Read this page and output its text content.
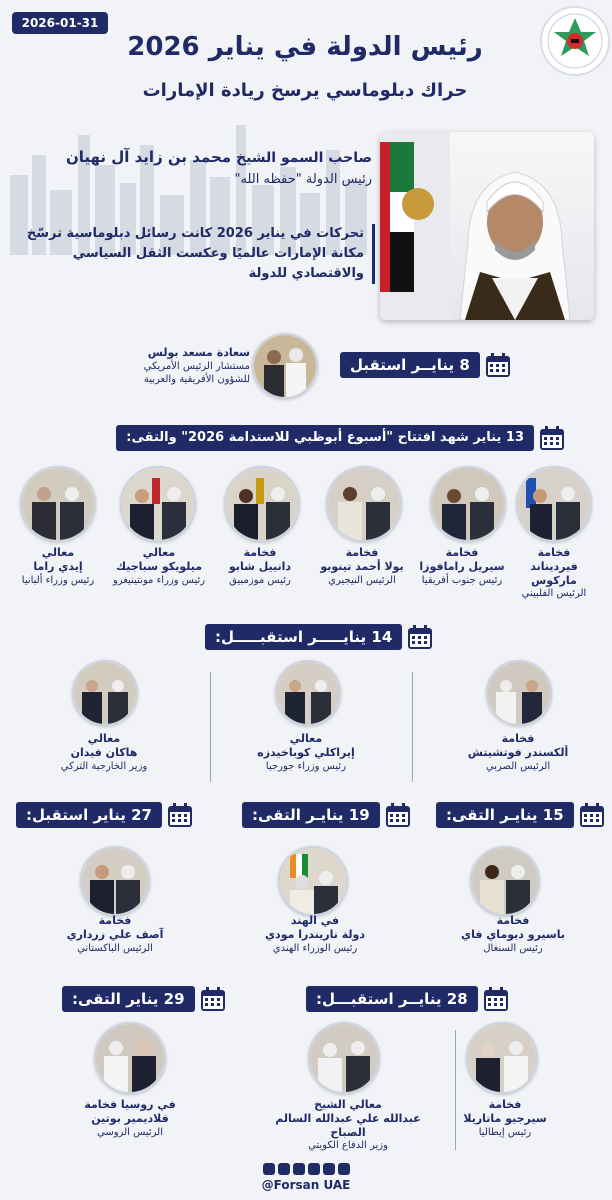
2026-01-31
رئيس الدولة في يناير 2026
حراك دبلوماسي يرسخ ريادة الإمارات
صاحب السمو الشيخ محمد بن زايد آل نهيان
رئيس الدولة "حفظه الله"
تحركات في يناير 2026 كانت رسائل دبلوماسية ترسّخ مكانة الإمارات عالميًا وعكست الثقل السياسي والاقتصادي للدولة
8 ينايــر استقبل
سعادة مسعد بولس
مستشار الرئيس الأمريكي للشؤون الأفريقية والعربية
13 يناير شهد افتتاح "أسبوع أبوظبي للاستدامة 2026" والتقى:
فخامة
فيرديناند ماركوس
الرئيس الفلبيني
فخامة
سيريل رامافوزا
رئيس جنوب أفريقيا
فخامة
بولا أحمد تينوبو
الرئيس النيجيري
فخامة
دانييل شابو
رئيس موزمبيق
معالي
ميلويكو سباجيك
رئيس وزراء مونتينيغرو
معالي
إيدي راما
رئيس وزراء ألبانيا
14 ينايـــــر استقبـــــل:
فخامة
ألكسندر فوتشيتش
الرئيس الصربي
معالي
إيراكلي كوباخيدزه
رئيس وزراء جورجيا
معالي
هاكان فيدان
وزير الخارجية التركي
15 ينايـر التقى:
19 ينايـر التقى:
27 يناير استقبل:
فخامة
باسيرو ديوماي فاي
رئيس السنغال
في الهند
دولة ناريندرا مودي
رئيس الوزراء الهندي
فخامة
آصف علي زرداري
الرئيس الباكستاني
28 ينايــر استقبـــل:
29 يناير التقى:
فخامة
سيرجيو ماتاريلا
رئيس إيطاليا
معالي الشيخ
عبدالله علي عبدالله السالم الصباح
وزير الدفاع الكويتي
في روسيا فخامة
فلاديمير بوتين
الرئيس الروسي
@Forsan UAE
